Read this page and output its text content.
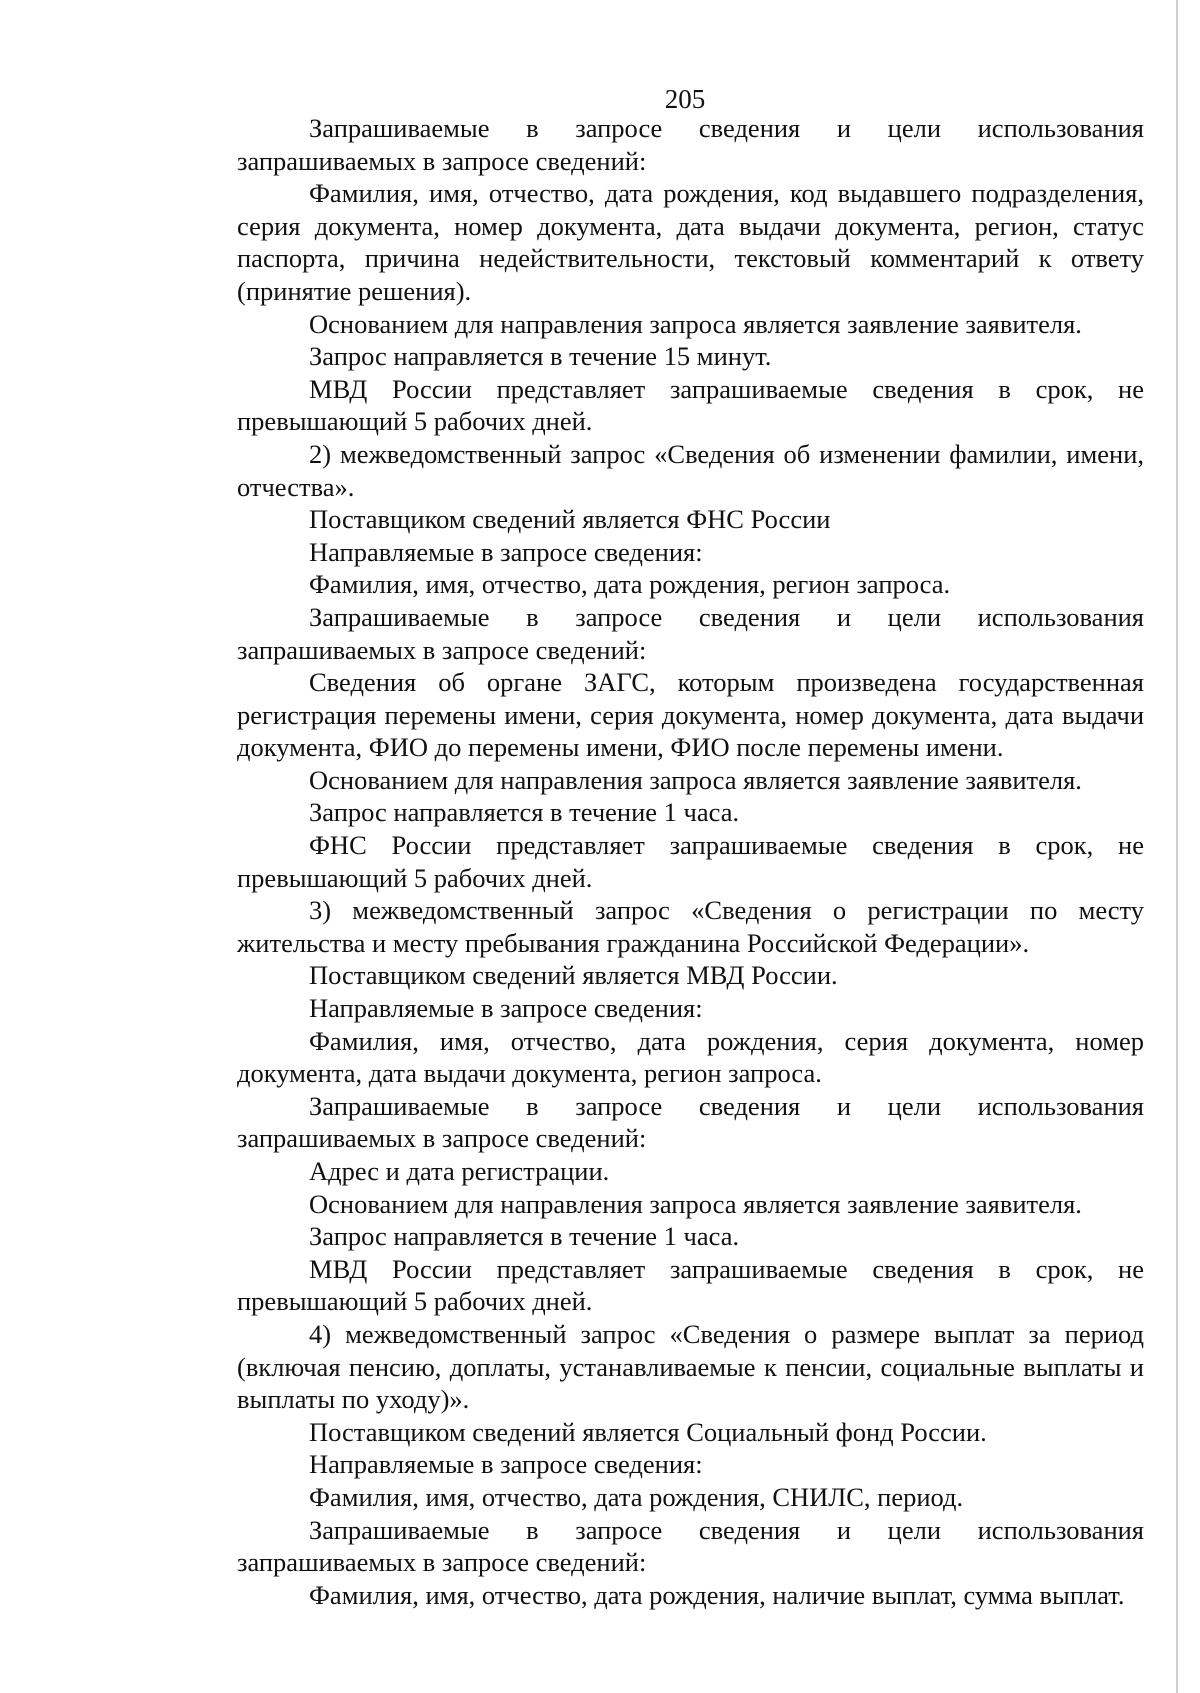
205

Запрашиваемые в запросе сведения и цели использования запрашиваемых в запросе сведений:

Фамилия, имя, отчество, дата рождения, код выдавшего подразделения, серия документа, номер документа, дата выдачи документа, регион, статус паспорта, причина недействительности, текстовый комментарий к ответу (принятие решения).

Основанием для направления запроса является заявление заявителя.

Запрос направляется в течение 15 минут.

МВД России представляет запрашиваемые сведения в срок, не превышающий 5 рабочих дней.

2) межведомственный запрос «Сведения об изменении фамилии, имени, отчества».

Поставщиком сведений является ФНС России

Направляемые в запросе сведения:

Фамилия, имя, отчество, дата рождения, регион запроса.

Запрашиваемые в запросе сведения и цели использования запрашиваемых в запросе сведений:

Сведения об органе ЗАГС, которым произведена государственная регистрация перемены имени, серия документа, номер документа, дата выдачи документа, ФИО до перемены имени, ФИО после перемены имени.

Основанием для направления запроса является заявление заявителя.

Запрос направляется в течение 1 часа.

ФНС России представляет запрашиваемые сведения в срок, не превышающий 5 рабочих дней.

3) межведомственный запрос «Сведения о регистрации по месту жительства и месту пребывания гражданина Российской Федерации».

Поставщиком сведений является МВД России.

Направляемые в запросе сведения:

Фамилия, имя, отчество, дата рождения, серия документа, номер документа, дата выдачи документа, регион запроса.

Запрашиваемые в запросе сведения и цели использования запрашиваемых в запросе сведений:

Адрес и дата регистрации.

Основанием для направления запроса является заявление заявителя.

Запрос направляется в течение 1 часа.

МВД России представляет запрашиваемые сведения в срок, не превышающий 5 рабочих дней.

4) межведомственный запрос «Сведения о размере выплат за период (включая пенсию, доплаты, устанавливаемые к пенсии, социальные выплаты и выплаты по уходу)».

Поставщиком сведений является Социальный фонд России.

Направляемые в запросе сведения:

Фамилия, имя, отчество, дата рождения, СНИЛС, период.

Запрашиваемые в запросе сведения и цели использования запрашиваемых в запросе сведений:

Фамилия, имя, отчество, дата рождения, наличие выплат, сумма выплат.
